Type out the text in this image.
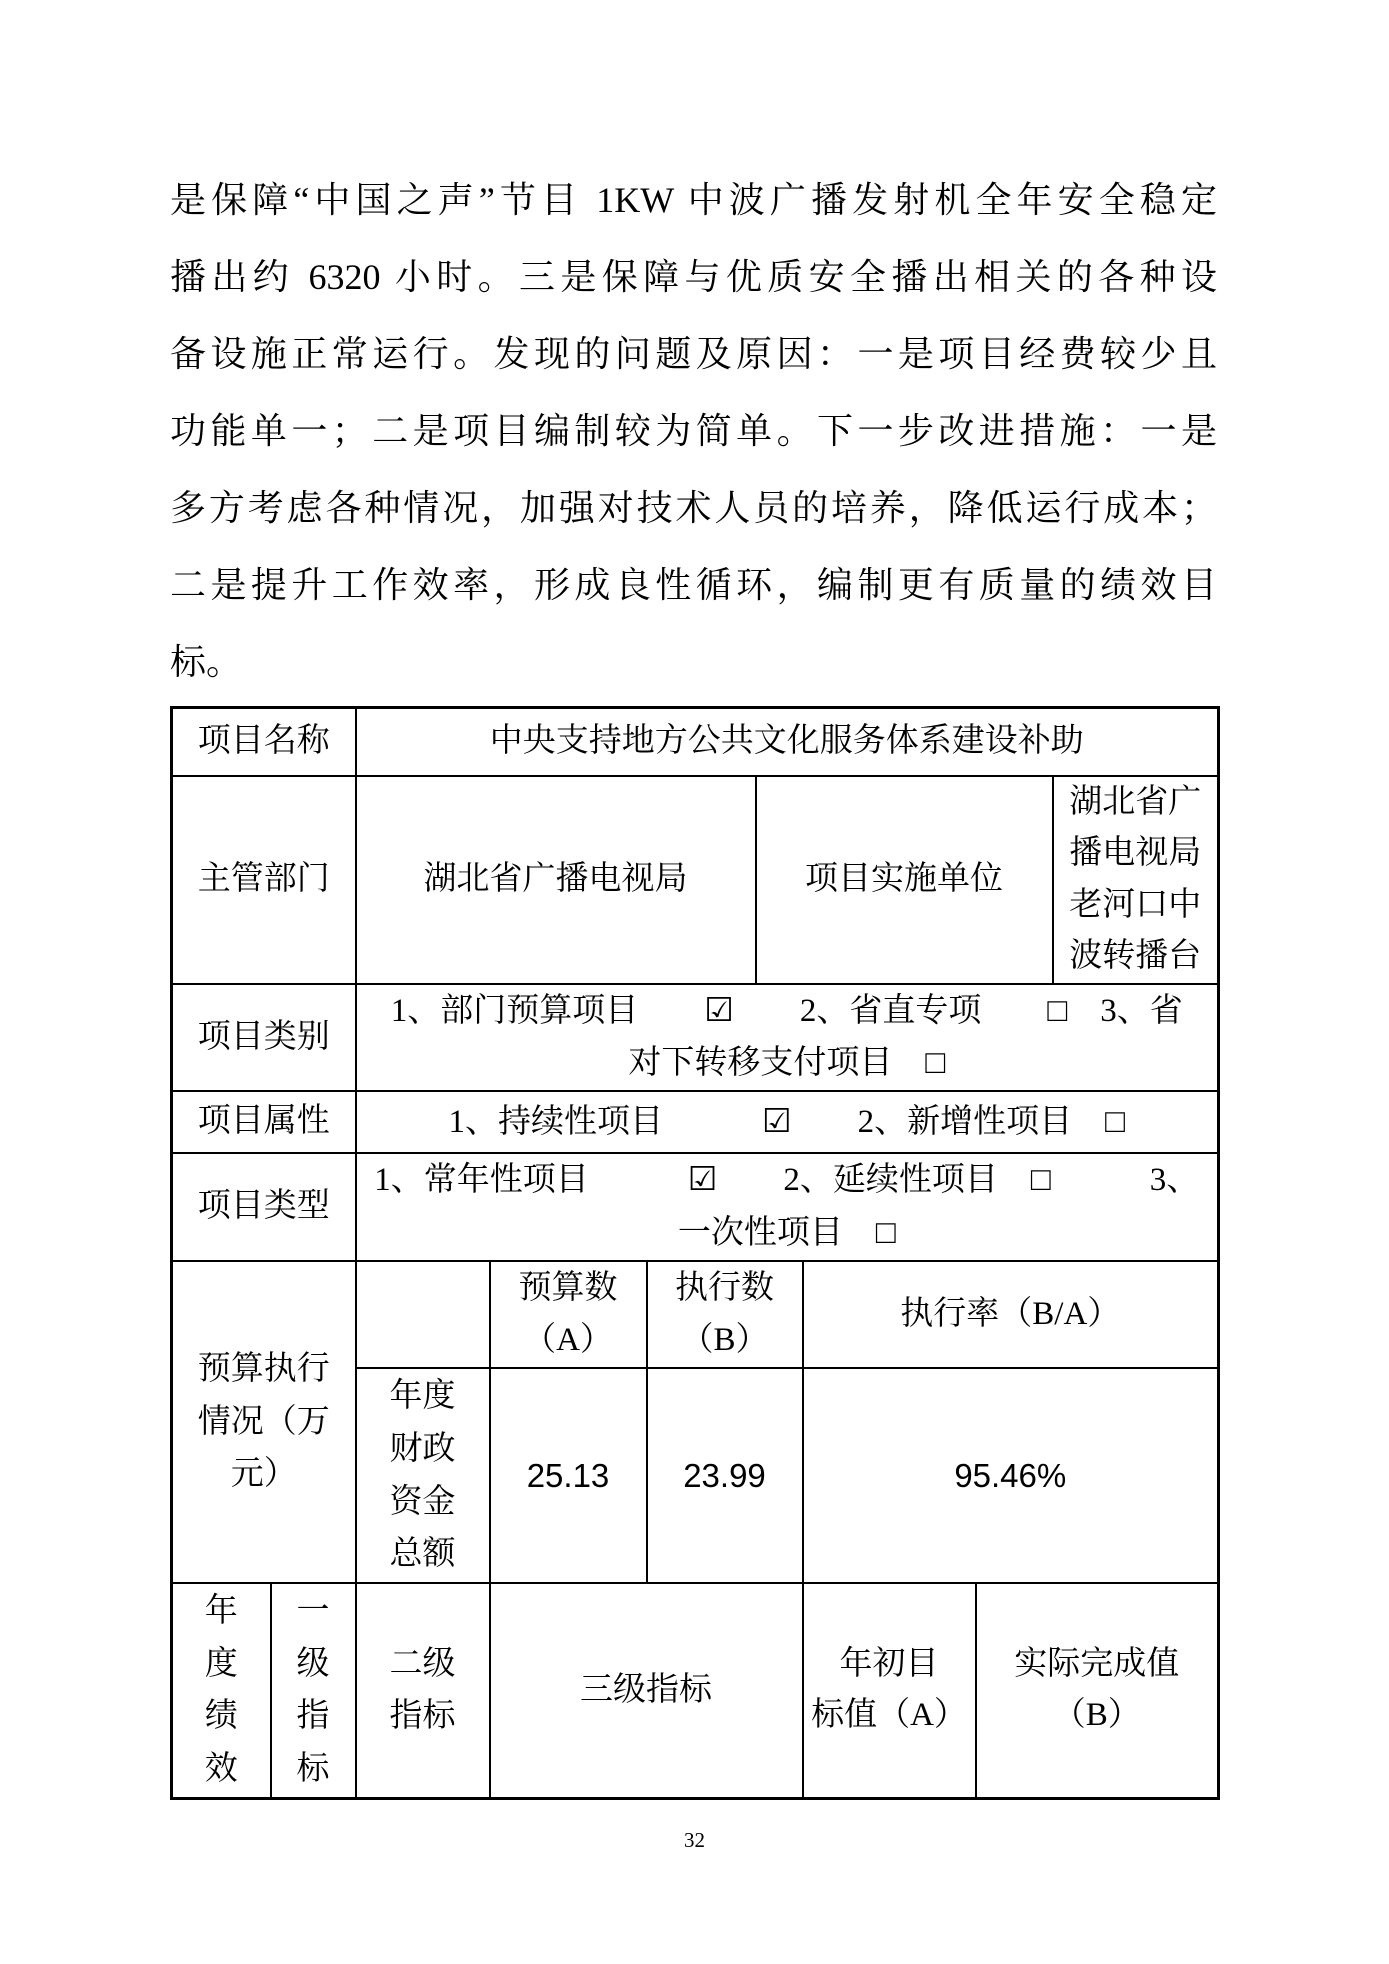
是保障“中国之声”节目 1KW 中波广播发射机全年安全稳定
播出约 6320 小时。三是保障与优质安全播出相关的各种设
备设施正常运行。发现的问题及原因：一是项目经费较少且
功能单一；二是项目编制较为简单。下一步改进措施：一是
多方考虑各种情况，加强对技术人员的培养，降低运行成本；
二是提升工作效率，形成良性循环，编制更有质量的绩效目
标。
项目名称		中央支持地方公共文化服务体系建设补助						
主管部门		湖北省广播电视局			项目实施单位			湖北省广播电视局老河口中波转播台
项目类别		1、部门预算项目　　☑　　2、省直专项　　□　3、省
对下转移支付项目　□						

项目属性		1、持续性项目　　　☑　　2、新增性项目　□						

项目类型		1、常年性项目　　　☑　　2、延续性项目　□　　　3、
一次性项目　□						

预算执行情况（万元）			预算数
（A）	执行数
（B）		执行率（B/A）		

		年度财政资金总额	25.13	23.99		95.46%		

年度绩效	一级指标	二级指标	三级指标			年初目
标值（A）	实际完成值
（B）	
32
